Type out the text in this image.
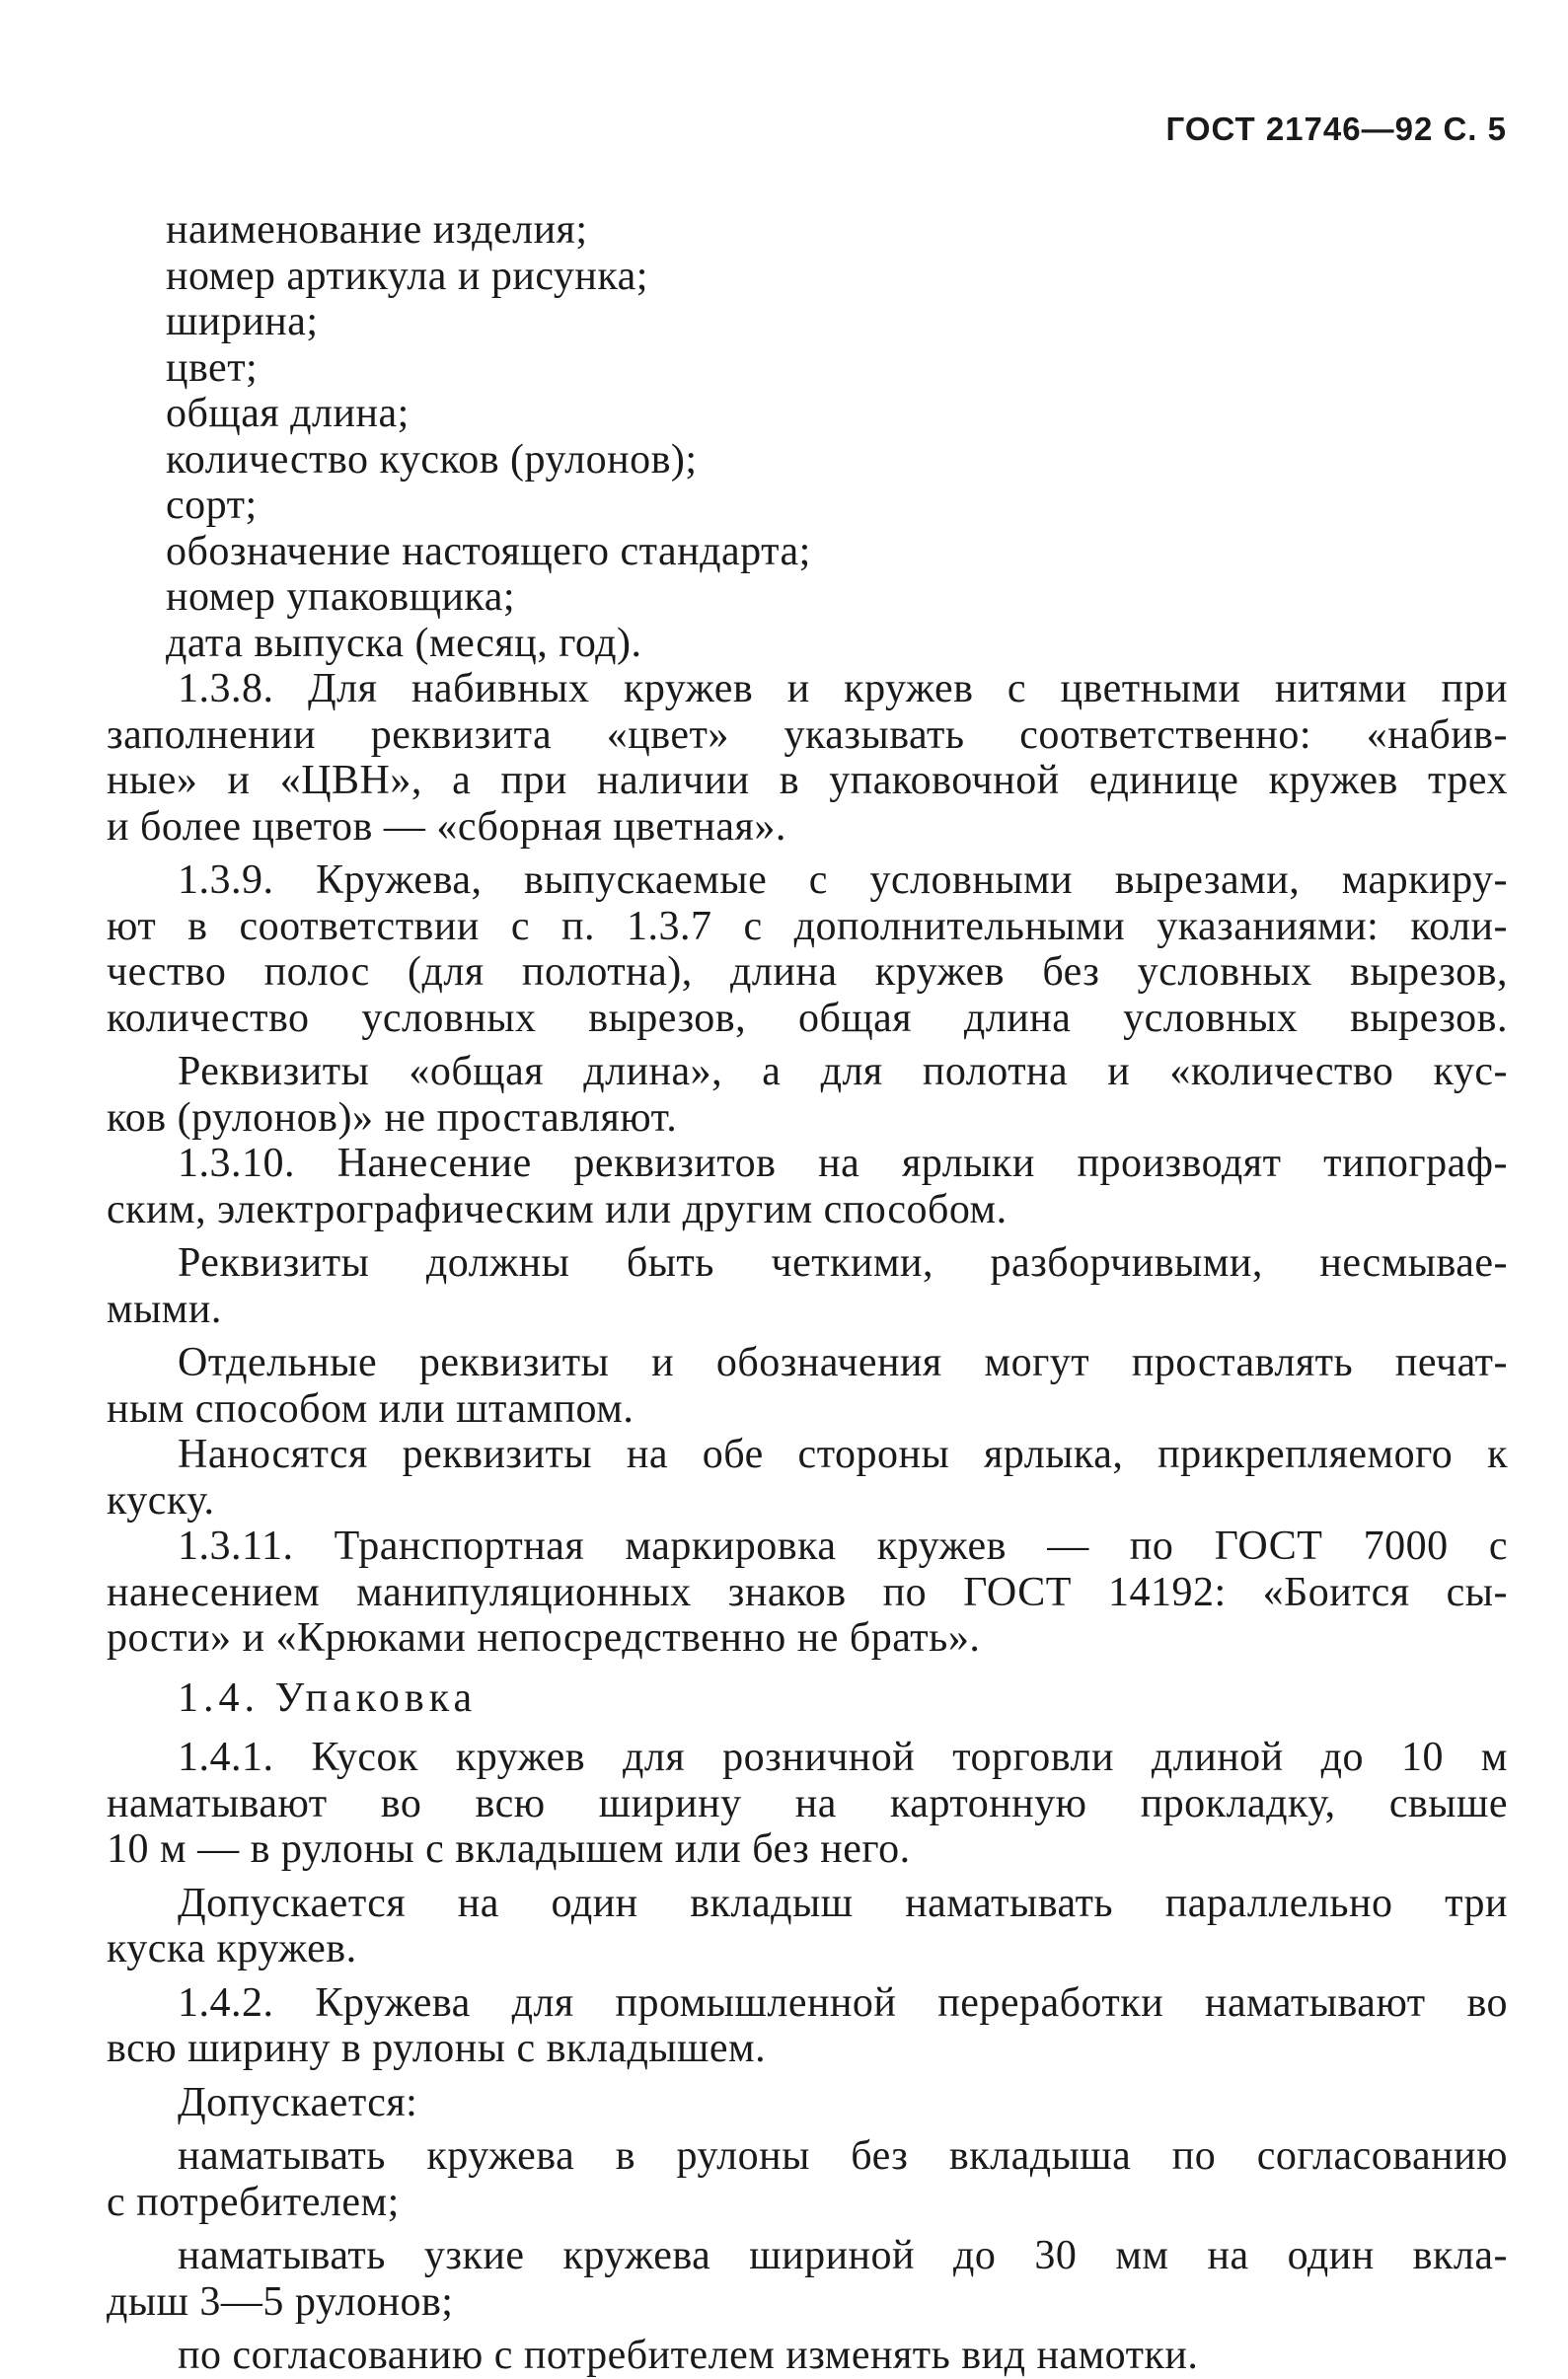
ГОСТ 21746—92 С. 5
наименование изделия;
номер артикула и рисунка;
ширина;
цвет;
общая длина;
количество кусков (рулонов);
сорт;
обозначение настоящего стандарта;
номер упаковщика;
дата выпуска (месяц, год).
1.3.8. Для набивных кружев и кружев с цветными нитями при
заполнении реквизита «цвет» указывать соответственно: «набив-
ные» и «ЦВН», а при наличии в упаковочной единице кружев трех
и более цветов — «сборная цветная».
1.3.9. Кружева, выпускаемые с условными вырезами, маркиру-
ют в соответствии с п. 1.3.7 с дополнительными указаниями: коли-
чество полос (для полотна), длина кружев без условных вырезов,
количество условных вырезов, общая длина условных вырезов.
Реквизиты «общая длина», а для полотна и «количество кус-
ков (рулонов)» не проставляют.
1.3.10. Нанесение реквизитов на ярлыки производят типограф-
ским, электрографическим или другим способом.
Реквизиты должны быть четкими, разборчивыми, несмывае-
мыми.
Отдельные реквизиты и обозначения могут проставлять печат-
ным способом или штампом.
Наносятся реквизиты на обе стороны ярлыка, прикрепляемого к
куску.
1.3.11. Транспортная маркировка кружев — по ГОСТ 7000 с
нанесением манипуляционных знаков по ГОСТ 14192: «Боится сы-
рости» и «Крюками непосредственно не брать».
1.4. Упаковка
1.4.1. Кусок кружев для розничной торговли длиной до 10 м
наматывают во всю ширину на картонную прокладку, свыше
10 м — в рулоны с вкладышем или без него.
Допускается на один вкладыш наматывать параллельно три
куска кружев.
1.4.2. Кружева для промышленной переработки наматывают во
всю ширину в рулоны с вкладышем.
Допускается:
наматывать кружева в рулоны без вкладыша по согласованию
с потребителем;
наматывать узкие кружева шириной до 30 мм на один вкла-
дыш 3—5 рулонов;
по согласованию с потребителем изменять вид намотки.
